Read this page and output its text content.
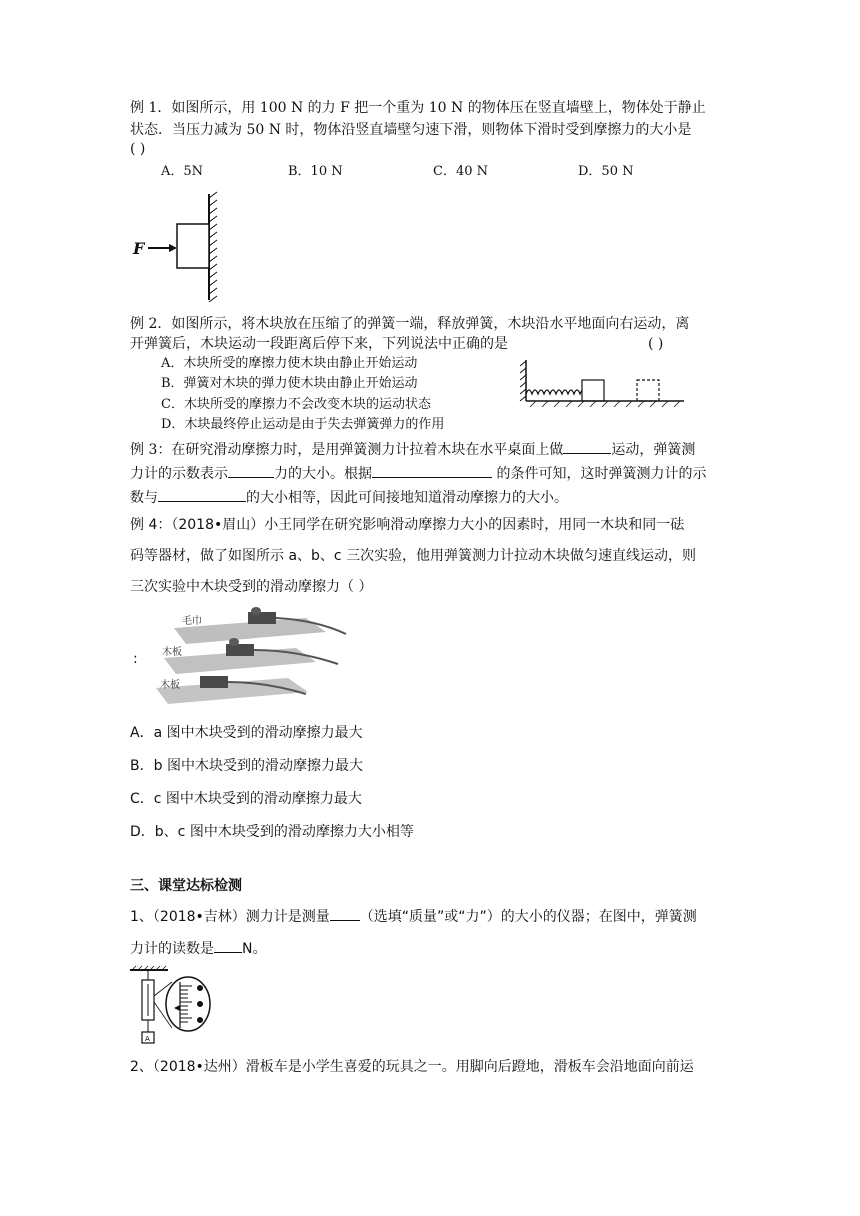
例 1．如图所示，用 100 N 的力 F 把一个重为 10 N 的物体压在竖直墙壁上，物体处于静止
状态．当压力减为 50 N 时，物体沿竖直墙壁匀速下滑，则物体下滑时受到摩擦力的大小是
( )
A．5N	B．10 N	C．40 N	D．50 N
F
例 2．如图所示，将木块放在压缩了的弹簧一端，释放弹簧，木块沿水平地面向右运动，离
开弹簧后，木块运动一段距离后停下来，下列说法中正确的是	( )
A．木块所受的摩擦力使木块由静止开始运动
B．弹簧对木块的弹力使木块由静止开始运动
C．木块所受的摩擦力不会改变木块的运动状态
D．木块最终停止运动是由于失去弹簧弹力的作用
例 3：在研究滑动摩擦力时，是用弹簧测力计拉着木块在水平桌面上做	运动，弹簧测
力计的示数表示	力的大小。根据	的条件可知，这时弹簧测力计的示
数与	的大小相等，因此可间接地知道滑动摩擦力的大小。
例 4：（2018•眉山）小王同学在研究影响滑动摩擦力大小的因素时，用同一木块和同一砝
码等器材，做了如图所示 a、b、c 三次实验，他用弹簧测力计拉动木块做匀速直线运动，则
三次实验中木块受到的滑动摩擦力（ ）
:
毛巾
木板
木板
A．a 图中木块受到的滑动摩擦力最大
B．b 图中木块受到的滑动摩擦力最大
C．c 图中木块受到的滑动摩擦力最大
D．b、c 图中木块受到的滑动摩擦力大小相等
三、课堂达标检测
1、（2018•吉林）测力计是测量 （选填“质量”或“力”）的大小的仪器；在图中，弹簧测
力计的读数是 N。
A
2、（2018•达州）滑板车是小学生喜爱的玩具之一。用脚向后蹬地，滑板车会沿地面向前运
